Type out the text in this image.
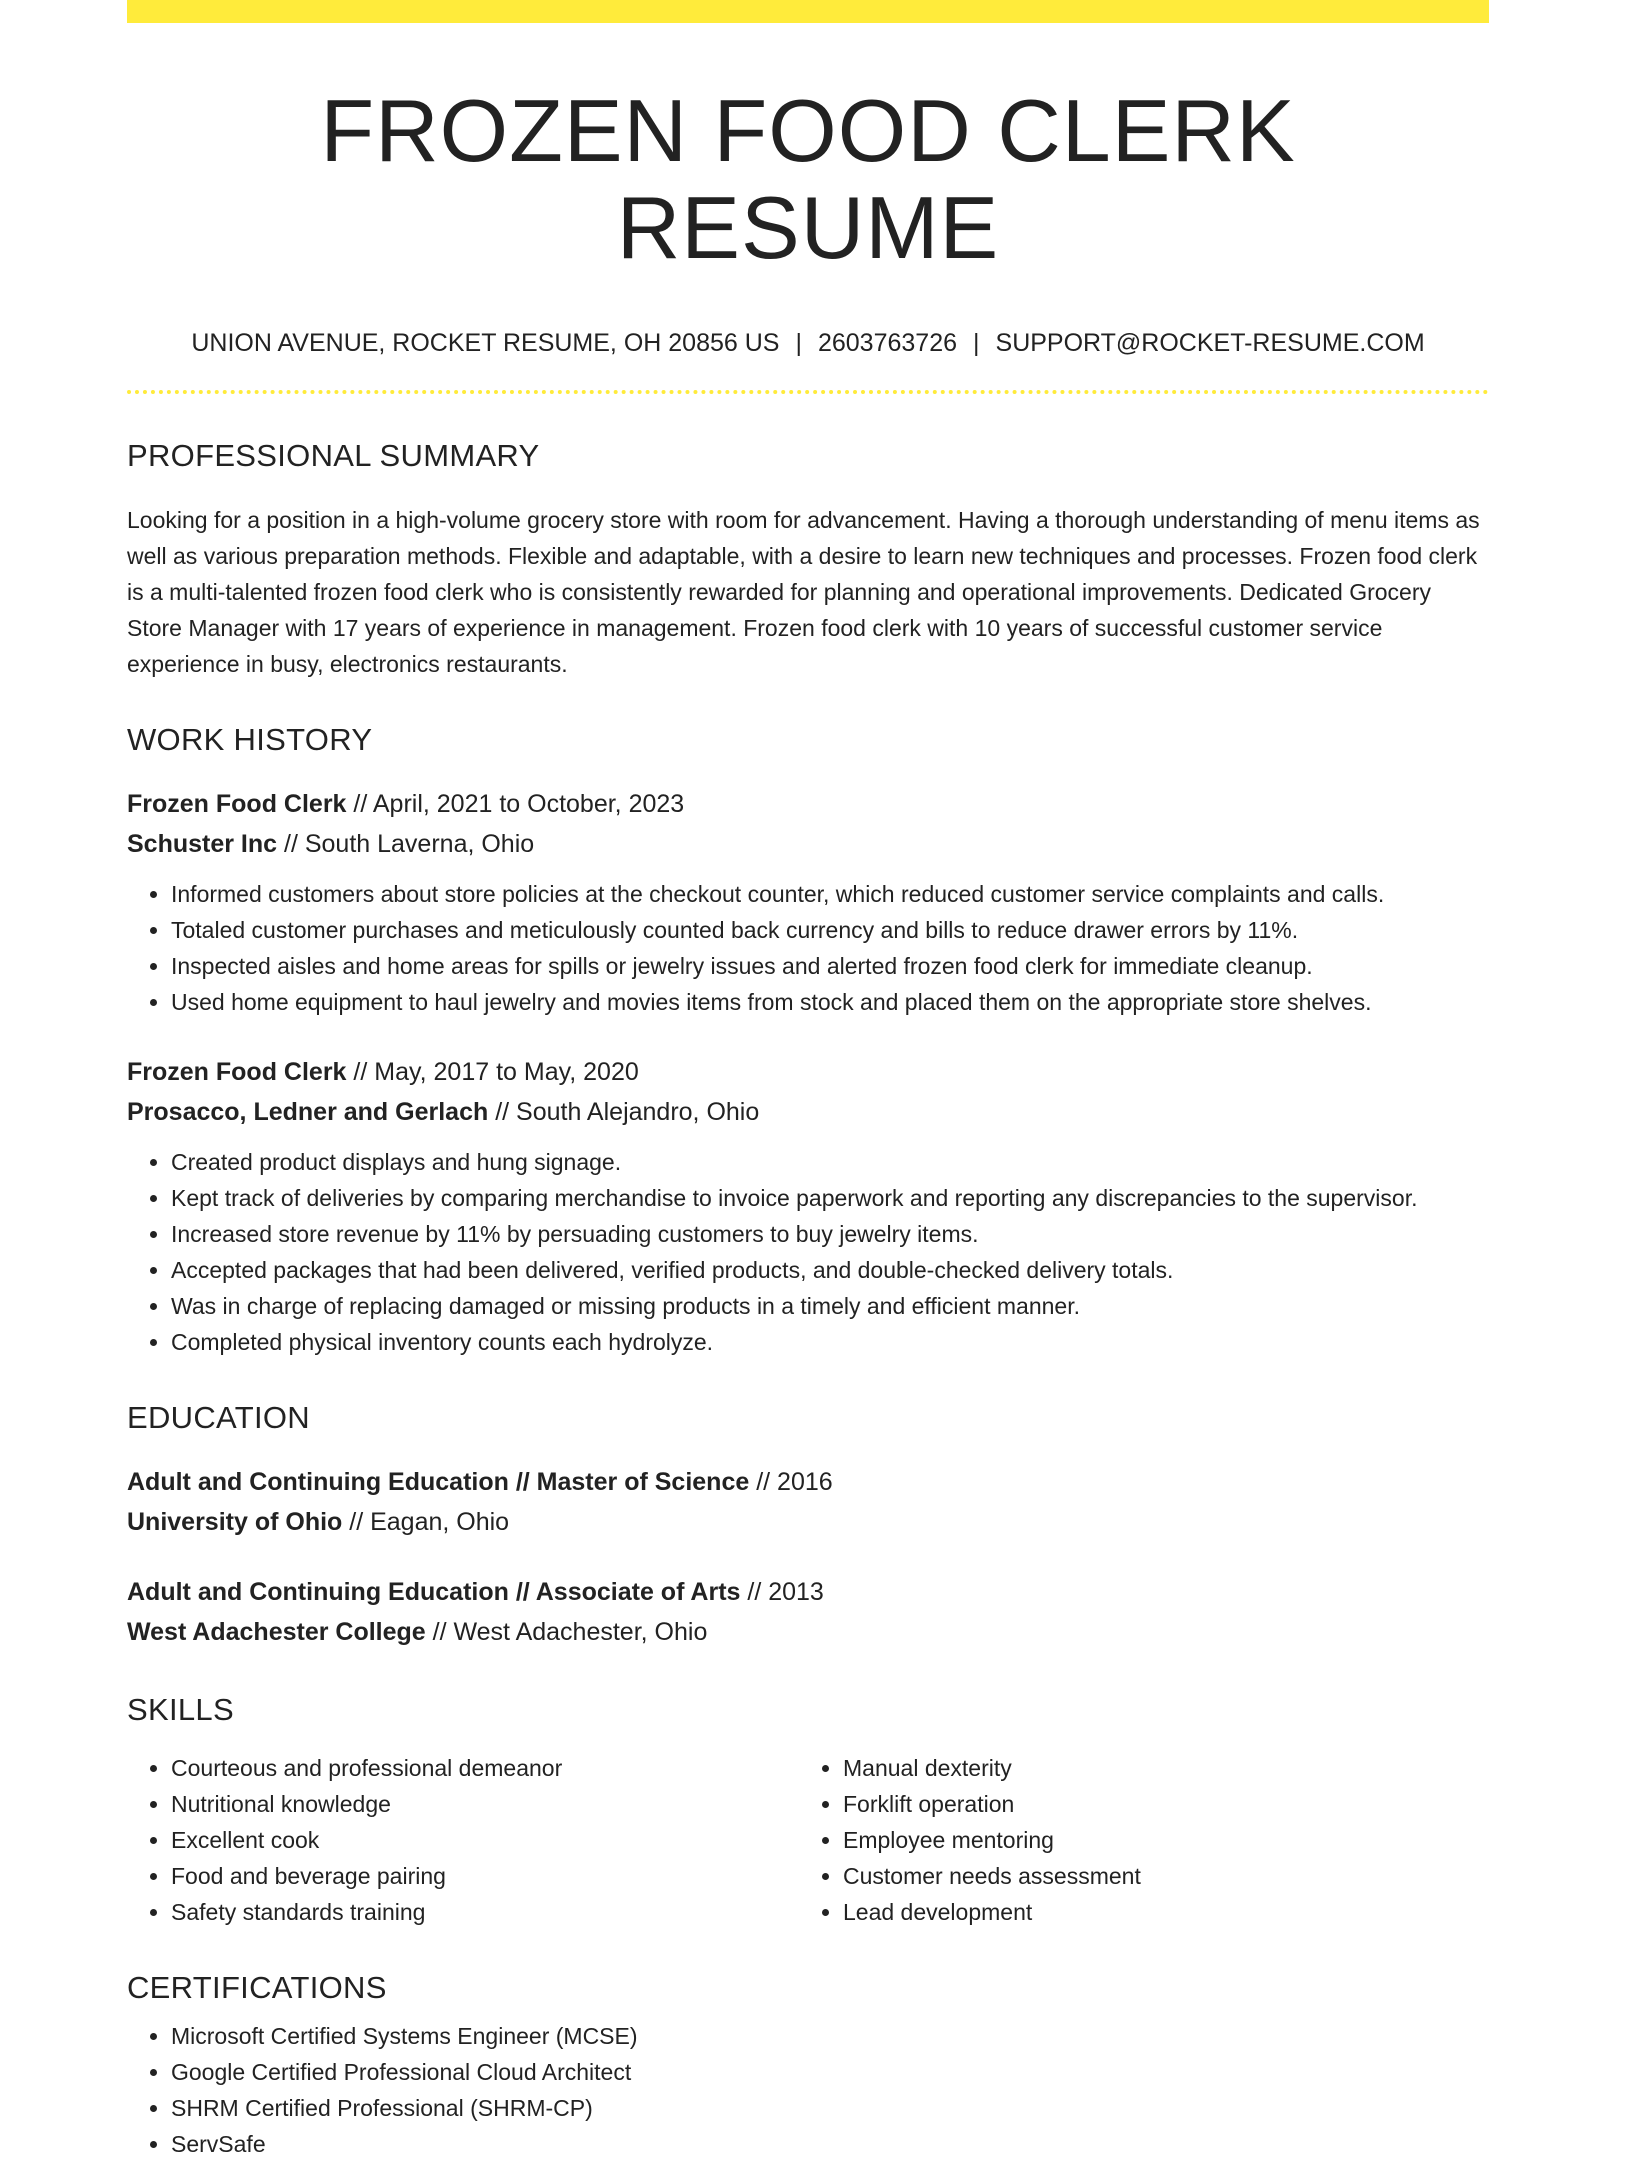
FROZEN FOOD CLERK RESUME
UNION AVENUE, ROCKET RESUME, OH 20856 US | 2603763726 | SUPPORT@ROCKET-RESUME.COM
PROFESSIONAL SUMMARY
Looking for a position in a high-volume grocery store with room for advancement. Having a thorough understanding of menu items as well as various preparation methods. Flexible and adaptable, with a desire to learn new techniques and processes. Frozen food clerk is a multi-talented frozen food clerk who is consistently rewarded for planning and operational improvements. Dedicated Grocery Store Manager with 17 years of experience in management. Frozen food clerk with 10 years of successful customer service experience in busy, electronics restaurants.
WORK HISTORY
Frozen Food Clerk // April, 2021 to October, 2023
Schuster Inc // South Laverna, Ohio
• Informed customers about store policies at the checkout counter, which reduced customer service complaints and calls.
• Totaled customer purchases and meticulously counted back currency and bills to reduce drawer errors by 11%.
• Inspected aisles and home areas for spills or jewelry issues and alerted frozen food clerk for immediate cleanup.
• Used home equipment to haul jewelry and movies items from stock and placed them on the appropriate store shelves.
Frozen Food Clerk // May, 2017 to May, 2020
Prosacco, Ledner and Gerlach // South Alejandro, Ohio
• Created product displays and hung signage.
• Kept track of deliveries by comparing merchandise to invoice paperwork and reporting any discrepancies to the supervisor.
• Increased store revenue by 11% by persuading customers to buy jewelry items.
• Accepted packages that had been delivered, verified products, and double-checked delivery totals.
• Was in charge of replacing damaged or missing products in a timely and efficient manner.
• Completed physical inventory counts each hydrolyze.
EDUCATION
Adult and Continuing Education // Master of Science // 2016
University of Ohio // Eagan, Ohio
Adult and Continuing Education // Associate of Arts // 2013
West Adachester College // West Adachester, Ohio
SKILLS
• Courteous and professional demeanor
• Nutritional knowledge
• Excellent cook
• Food and beverage pairing
• Safety standards training
• Manual dexterity
• Forklift operation
• Employee mentoring
• Customer needs assessment
• Lead development
CERTIFICATIONS
• Microsoft Certified Systems Engineer (MCSE)
• Google Certified Professional Cloud Architect
• SHRM Certified Professional (SHRM-CP)
• ServSafe
